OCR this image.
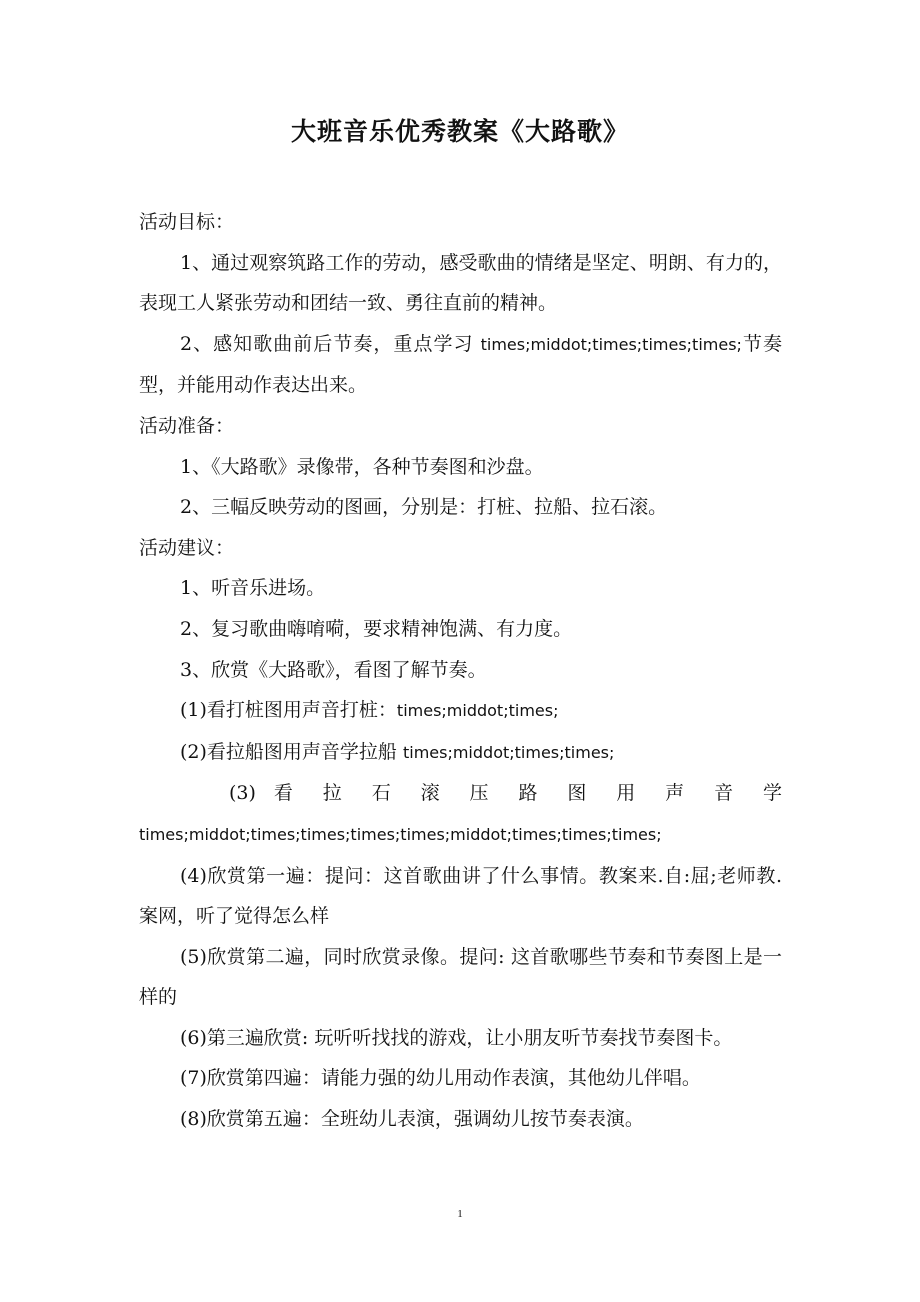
大班音乐优秀教案《大路歌》

活动目标：

1、通过观察筑路工作的劳动，感受歌曲的情绪是坚定、明朗、有力的，表现工人紧张劳动和团结一致、勇往直前的精神。

2、感知歌曲前后节奏，重点学习 times;middot;times;times;times;节奏型，并能用动作表达出来。

活动准备：

1、《大路歌》录像带，各种节奏图和沙盘。

2、三幅反映劳动的图画，分别是：打桩、拉船、拉石滚。

活动建议：

1、听音乐进场。

2、复习歌曲嗨唷嗬，要求精神饱满、有力度。

3、欣赏《大路歌》，看图了解节奏。

(1)看打桩图用声音打桩：times;middot;times;

(2)看拉船图用声音学拉船 times;middot;times;times;

(3) 看 拉 石 滚 压 路 图 用 声 音 学

times;middot;times;times;times;times;middot;times;times;times;

(4)欣赏第一遍：提问：这首歌曲讲了什么事情。教案来.自:屈;老师教.案网，听了觉得怎么样

(5)欣赏第二遍，同时欣赏录像。提问: 这首歌哪些节奏和节奏图上是一样的

(6)第三遍欣赏: 玩听听找找的游戏，让小朋友听节奏找节奏图卡。

(7)欣赏第四遍：请能力强的幼儿用动作表演，其他幼儿伴唱。

(8)欣赏第五遍：全班幼儿表演，强调幼儿按节奏表演。

1
